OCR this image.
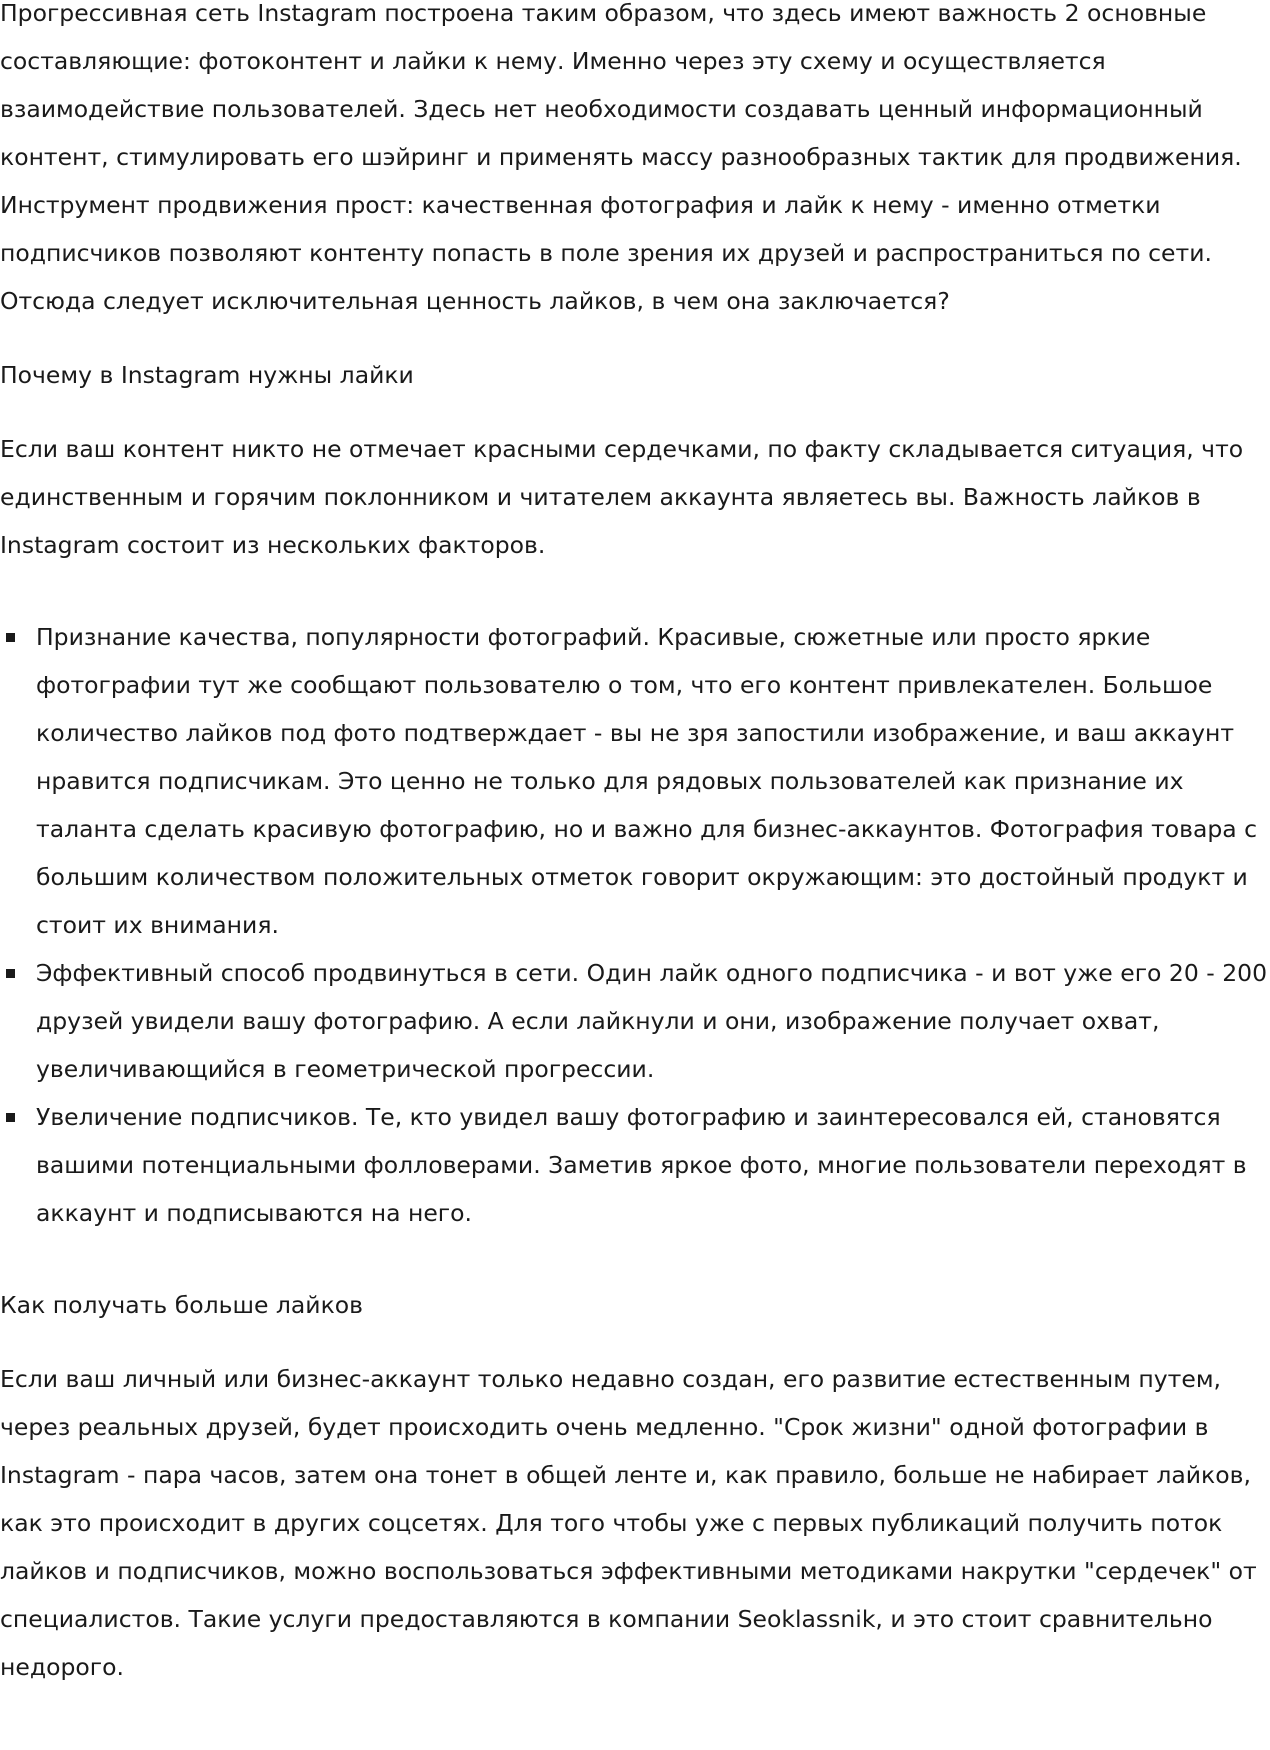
Прогрессивная сеть Instagram построена таким образом, что здесь имеют важность 2 основные составляющие: фотоконтент и лайки к нему. Именно через эту схему и осуществляется взаимодействие пользователей. Здесь нет необходимости создавать ценный информационный контент, стимулировать его шэйринг и применять массу разнообразных тактик для продвижения. Инструмент продвижения прост: качественная фотография и лайк к нему - именно отметки подписчиков позволяют контенту попасть в поле зрения их друзей и распространиться по сети. Отсюда следует исключительная ценность лайков, в чем она заключается?

Почему в Instagram нужны лайки

Если ваш контент никто не отмечает красными сердечками, по факту складывается ситуация, что единственным и горячим поклонником и читателем аккаунта являетесь вы. Важность лайков в Instagram состоит из нескольких факторов.

Признание качества, популярности фотографий. Красивые, сюжетные или просто яркие фотографии тут же сообщают пользователю о том, что его контент привлекателен. Большое количество лайков под фото подтверждает - вы не зря запостили изображение, и ваш аккаунт нравится подписчикам. Это ценно не только для рядовых пользователей как признание их таланта сделать красивую фотографию, но и важно для бизнес-аккаунтов. Фотография товара с большим количеством положительных отметок говорит окружающим: это достойный продукт и стоит их внимания.
Эффективный способ продвинуться в сети. Один лайк одного подписчика - и вот уже его 20 - 200 друзей увидели вашу фотографию. А если лайкнули и они, изображение получает охват, увеличивающийся в геометрической прогрессии.
Увеличение подписчиков. Те, кто увидел вашу фотографию и заинтересовался ей, становятся вашими потенциальными фолловерами. Заметив яркое фото, многие пользователи переходят в аккаунт и подписываются на него.
Как получать больше лайков

Если ваш личный или бизнес-аккаунт только недавно создан, его развитие естественным путем, через реальных друзей, будет происходить очень медленно. "Срок жизни" одной фотографии в Instagram - пара часов, затем она тонет в общей ленте и, как правило, больше не набирает лайков, как это происходит в других соцсетях. Для того чтобы уже с первых публикаций получить поток лайков и подписчиков, можно воспользоваться эффективными методиками накрутки "сердечек" от специалистов. Такие услуги предоставляются в компании Seoklassnik, и это стоит сравнительно недорого.
